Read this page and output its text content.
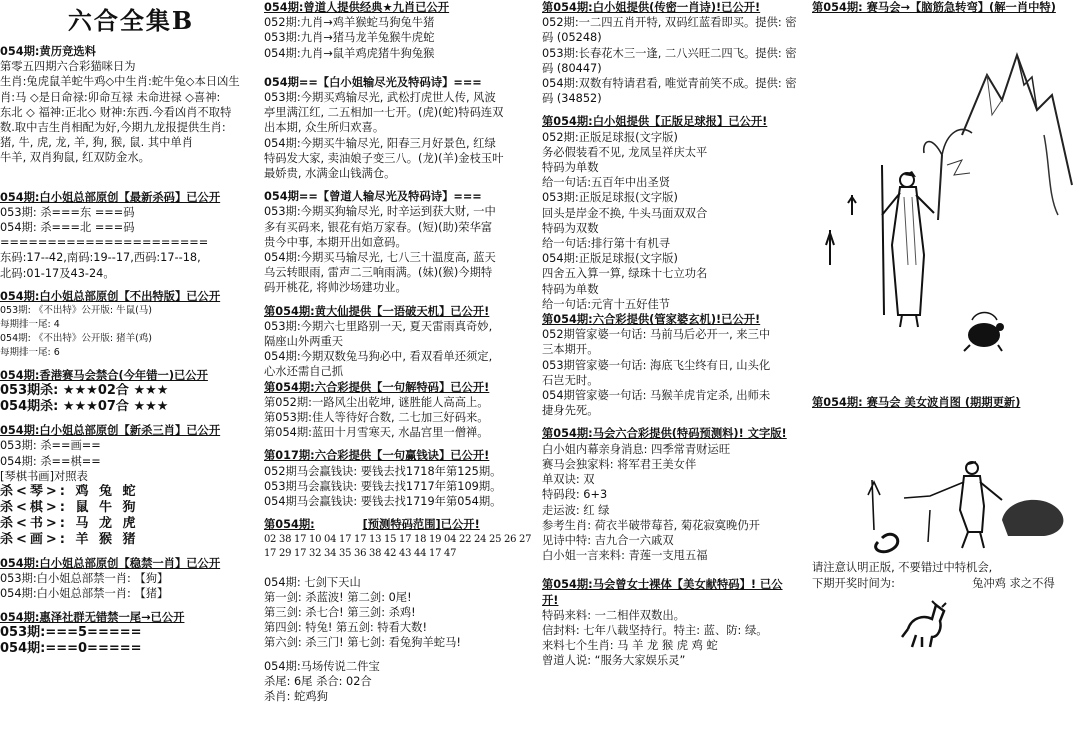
六合全集B
054期:黄历竞选料
第零五四期六合彩猫咪日为
生肖:兔虎鼠羊蛇牛鸡◇中生肖:蛇牛兔◇本日凶生
肖:马 ◇是日命禄:卯命互禄 未命进禄 ◇喜神:
东北 ◇ 福神:正北◇ 财神:东西.今看凶肖不取特
数.取中吉生肖相配为好,今期九龙报提供生肖:
猪, 牛, 虎, 龙, 羊, 狗, 猴, 鼠. 其中单肖
牛羊, 双肖狗鼠, 红双防金水。
054期:白小姐总部原创【最新杀码】已公开
053期: 杀===东 ===码
054期: 杀===北 ===码
======================
东码:17--42,南码:19--17,西码:17--18,
北码:01-17及43-24。
054期:白小姐总部原创【不出特版】已公开
053期: 《不出特》公开版: 牛鼠(马)
每期排一尾: 4
054期: 《不出特》公开版: 猪羊(鸡)
每期排一尾: 6
054期:香港赛马会禁合(今年错一)已公开
053期杀: ★★★02合 ★★★
054期杀: ★★★07合 ★★★
054期:白小姐总部原创【新杀三肖】已公开
053期: 杀==画==
054期: 杀==棋==
[琴棋书画]对照表
杀<琴>: 鸡 兔 蛇
杀<棋>: 鼠 牛 狗
杀<书>: 马 龙 虎
杀<画>: 羊 猴 猪
054期:白小姐总部原创【稳禁一肖】已公开
053期:白小姐总部禁一肖: 【狗】
054期:白小姐总部禁一肖: 【猪】
054期:惠泽社群无错禁一尾→已公开
053期:===5=====
054期:===0=====
054期:曾道人提供经典★九肖已公开
052期:九肖→鸡羊猴蛇马狗兔牛猪
053期:九肖→猪马龙羊兔猴牛虎蛇
054期:九肖→鼠羊鸡虎猪牛狗兔猴
054期==【白小姐输尽光及特码诗】===
053期:今期买鸡输尽光, 武松打虎世人传, 风波
亭里满江红, 二五相加一七开。(虎)(蛇)特码连双
出本期, 众生所归欢喜。
054期:今期买牛输尽光, 阳春三月好景色, 红绿
特码发大家, 卖油娘子变三八。(龙)(羊)金枝玉叶
最娇贵, 水满金山钱满仓。
054期==【曾道人输尽光及特码诗】===
053期:今期买狗输尽光, 时辛运到获大财, 一中
多有买码来, 银花有焰万家春。(短)(助)荣华富
贵今中事, 本期开出如意码。
054期:今期买马输尽光, 七八三十温度高, 蓝天
乌云转眼雨, 雷声二三响雨满。(妹)(猴)今期特
码开桃花, 将帅沙场建功业。
第054期:黄大仙提供【一语破天机】已公开!
053期:今期六七里路别一天, 夏天雷雨真奇妙,
隔座山外两重天
054期:今期双数兔马狗必中, 看双看单还须定,
心水还需自己抓
第054期:六合彩提供【一句解特码】已公开!
第052期:一路风尘出乾坤, 谜胜能人高高上。
第053期:佳人等待好合数, 二七加三好码来。
第054期:蓝田十月雪寒天, 水晶宫里一僧禅。
第017期:六合彩提供【一句赢钱诀】已公开!
052期马会赢钱诀: 要钱去找1718年第125期。
053期马会赢钱诀: 要钱去找1717年第109期。
054期马会赢钱诀: 要钱去找1719年第054期。
第054期:	[预测特码范围]已公开!
02 38 17 10 04 17 17 13 15 17 18 19 04 22 24 25 26 27 17 29 17 32 34 35 36 38 42 43 44 17 47
054期: 七剑下天山
第一剑: 杀蓝波! 第二剑: 0尾!
第三剑: 杀七合! 第三剑: 杀鸡!
第四剑: 特兔! 第五剑: 特看大数!
第六剑: 杀三门! 第七剑: 看兔狗羊蛇马!
054期:马场传说二件宝
杀尾: 6尾 杀合: 02合
杀肖: 蛇鸡狗
第054期:白小姐提供(传密一肖诗)!已公开!
052期:一二四五肖开特, 双码红蓝看即买。提供: 密
码 (05248)
053期:长春花木三一逢, 二八兴旺二四飞。提供: 密
码 (80447)
054期:双数有特请君看, 唯觉青前笑不成。提供: 密
码 (34852)
第054期:白小姐提供【正版足球报】已公开!
052期:正版足球报(文字版)
务必假装看不见, 龙凤呈祥庆太平
特码为单数
给一句话:五百年中出圣贤
053期:正版足球报(文字版)
回头是岸金不换, 牛头马面双双合
特码为双数
给一句话:排行第十有机寻
054期:正版足球报(文字版)
四舍五入算一算, 绿珠十七立功名
特码为单数
给一句话:元宵十五好佳节
第054期:六合彩提供(管家婆玄机)!已公开!
052期管家婆一句话: 马前马后必开一, 来三中
三本期开。
053期管家婆一句话: 海底飞尘终有日, 山头化
石岂无时。
054期管家婆一句话: 马猴羊虎肯定杀, 出师未
捷身先死。
第054期:马会六合彩提供(特码预测料)! 文字版!
白小姐内幕亲身消息: 四季常青财运旺
赛马会独家料: 将军君王美女伴
单双诀: 双
特码段: 6+3
走运波: 红 绿
参考生肖: 荷衣半破带莓苔, 菊花寂寞晚仍开
见诗中特: 吉九合一六戚双
白小姐一言来料: 青莲一支甩五福
第054期:马会曾女士裸体【美女献特码】! 已公
开!
特码来料: 一二相伴双数出。
信封料: 七年八载坚持行。特主: 蓝、防: 绿。
来料七个生肖: 马 羊 龙 猴 虎 鸡 蛇
曾道人说: “服务大家娱乐灵”
第054期: 赛马会→【脑筋急转弯】(解一肖中特)
第054期: 赛马会 美女波肖图 (期期更新)
请注意认明正版, 不要错过中特机会,
下期开奖时间为:	兔冲鸡 求之不得
